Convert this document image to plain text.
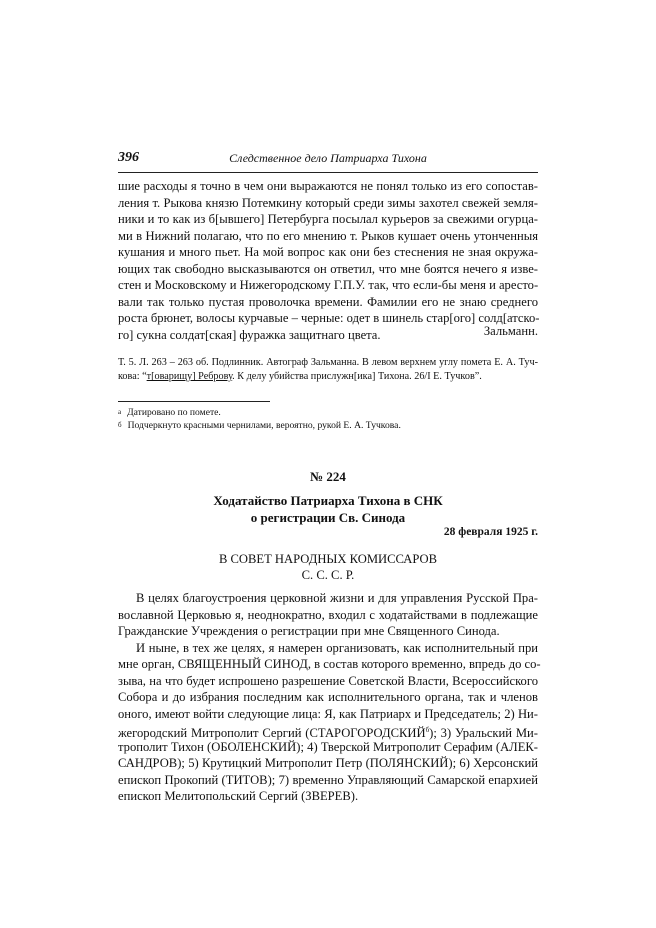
396	Следственное дело Патриарха Тихона
шие расходы я точно в чем они выражаются не понял только из его сопостав-
ления т. Рыкова князю Потемкину который среди зимы захотел свежей земля-
ники и то как из б[ывшего] Петербурга посылал курьеров за свежими огурца-
ми в Нижний полагаю, что по его мнению т. Рыков кушает очень утонченныя
кушания и много пьет. На мой вопрос как они без стеснения не зная окружа-
ющих так свободно высказываются он ответил, что мне боятся нечего я изве-
стен и Московскому и Нижегородскому Г.П.У. так, что если-бы меня и аресто-
вали так только пустая проволочка времени. Фамилии его не знаю среднего
роста брюнет, волосы курчавые – черные: одет в шинель стар[ого] солд[атско-
го] сукна солдат[ская] фуражка защитнаго цвета.	Зальманн.
Т. 5. Л. 263 – 263 об. Подлинник. Автограф Зальманна. В левом верхнем углу помета Е. А. Туч-
кова: “т[оварищу] Реброву. К делу убийства прислужн[ика] Тихона. 26/I Е. Тучков”.
$^а$ Датировано по помете.
$^б$ Подчеркнуто красными чернилами, вероятно, рукой Е. А. Тучкова.
№ 224
Ходатайство Патриарха Тихона в СНК
о регистрации Св. Синода
28 февраля 1925 г.
В СОВЕТ НАРОДНЫХ КОМИССАРОВ
С. С. С. Р.
В целях благоустроения церковной жизни и для управления Русской Пра-
вославной Церковью я, неоднократно, входил с ходатайствами в подлежащие
Гражданские Учреждения о регистрации при мне Священного Синода.
И ныне, в тех же целях, я намерен организовать, как исполнительный при
мне орган, СВЯЩЕННЫЙ СИНОД, в состав которого временно, впредь до со-
зыва, на что будет испрошено разрешение Советской Власти, Всероссийского
Собора и до избрания последним как исполнительного органа, так и членов
оного, имеют войти следующие лица: Я, как Патриарх и Председатель; 2) Ни-
жегородский Митрополит Сергий $(СТАРОГОРОДСКИЙ^б)$; 3) Уральский Ми-
трополит Тихон (ОБОЛЕНСКИЙ); 4) Тверской Митрополит Серафим (АЛЕК-
САНДРОВ); 5) Крутицкий Митрополит Петр (ПОЛЯНСКИЙ); 6) Херсонский
епископ Прокопий (ТИТОВ); 7) временно Управляющий Самарской епархией
епископ Мелитопольский Сергий (ЗВЕРЕВ).
